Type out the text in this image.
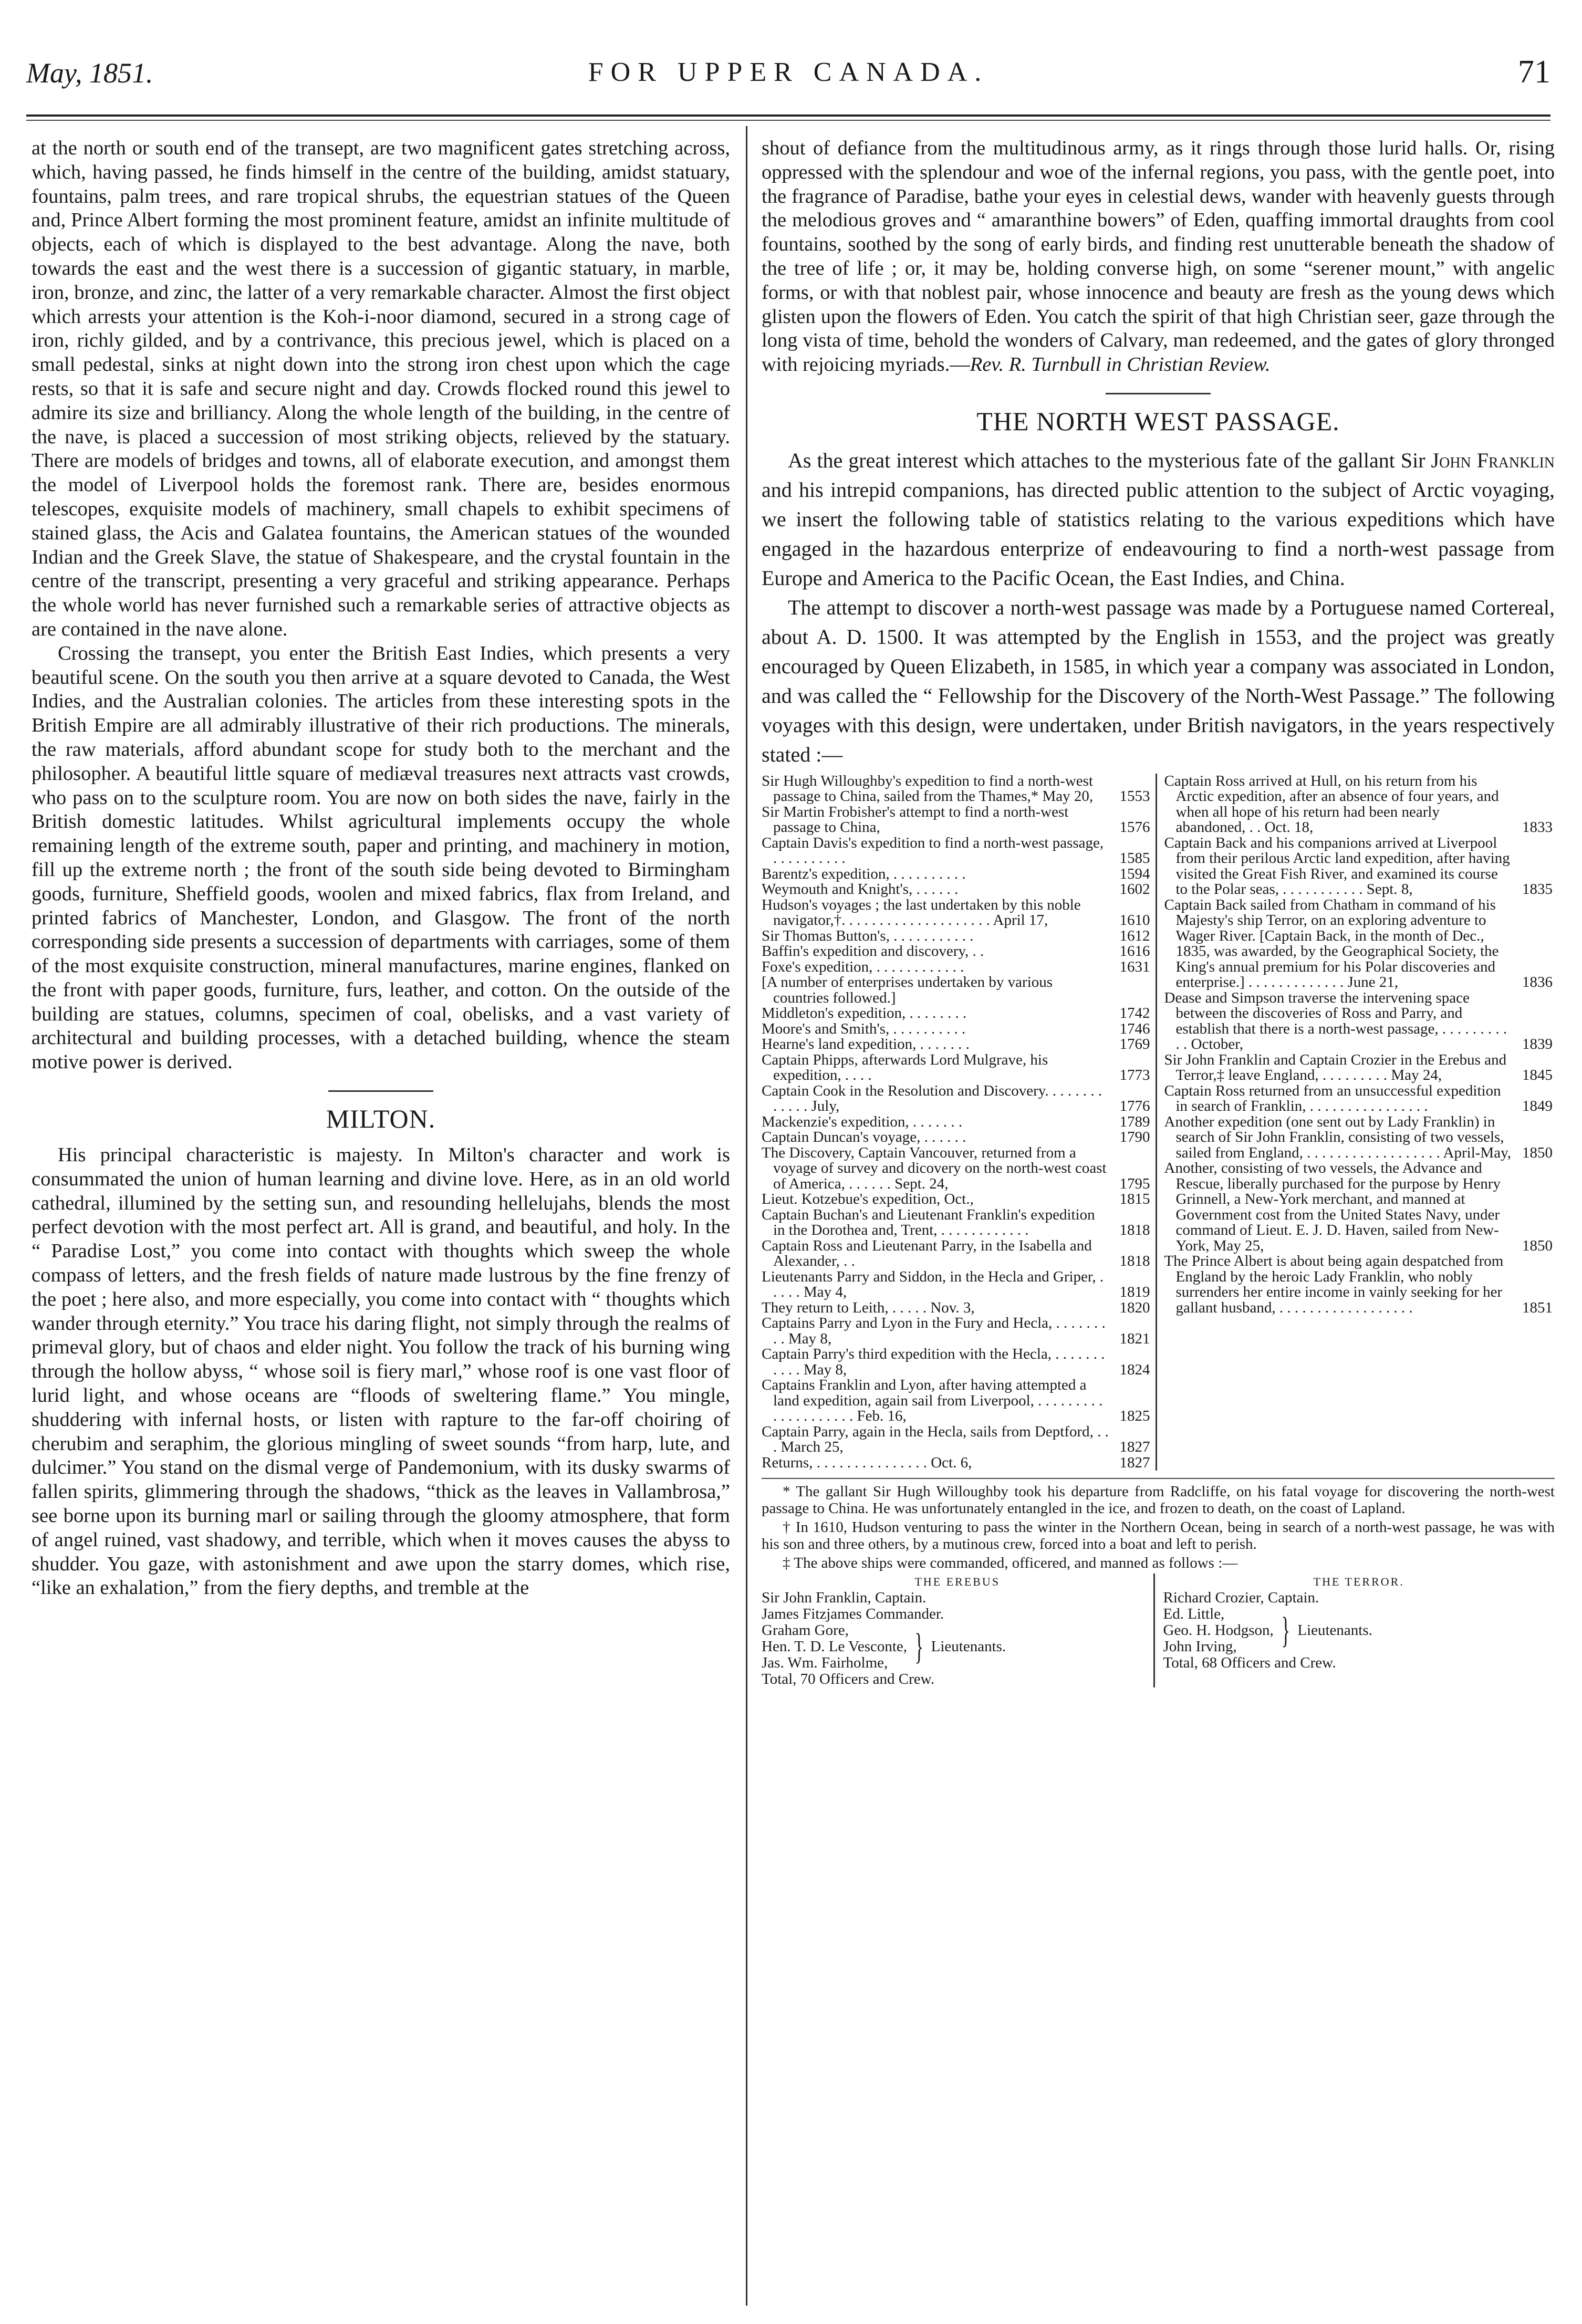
May, 1851.	FOR UPPER CANADA.	71

at the north or south end of the transept, are two magnificent gates stretching across, which, having passed, he finds himself in the centre of the building, amidst statuary, fountains, palm trees, and rare tropical shrubs, the equestrian statues of the Queen and, Prince Albert forming the most prominent feature, amidst an infinite multitude of objects, each of which is displayed to the best advantage. Along the nave, both towards the east and the west there is a succession of gigantic statuary, in marble, iron, bronze, and zinc, the latter of a very remarkable character. Almost the first object which arrests your attention is the Koh-i-noor diamond, secured in a strong cage of iron, richly gilded, and by a contrivance, this precious jewel, which is placed on a small pedestal, sinks at night down into the strong iron chest upon which the cage rests, so that it is safe and secure night and day. Crowds flocked round this jewel to admire its size and brilliancy. Along the whole length of the building, in the centre of the nave, is placed a succession of most striking objects, relieved by the statuary. There are models of bridges and towns, all of elaborate execution, and amongst them the model of Liverpool holds the foremost rank. There are, besides enormous telescopes, exquisite models of machinery, small chapels to exhibit specimens of stained glass, the Acis and Galatea fountains, the American statues of the wounded Indian and the Greek Slave, the statue of Shakespeare, and the crystal fountain in the centre of the transcript, presenting a very graceful and striking appearance. Perhaps the whole world has never furnished such a remarkable series of attractive objects as are contained in the nave alone.

Crossing the transept, you enter the British East Indies, which presents a very beautiful scene. On the south you then arrive at a square devoted to Canada, the West Indies, and the Australian colonies. The articles from these interesting spots in the British Empire are all admirably illustrative of their rich productions. The minerals, the raw materials, afford abundant scope for study both to the merchant and the philosopher. A beautiful little square of mediæval treasures next attracts vast crowds, who pass on to the sculpture room. You are now on both sides the nave, fairly in the British domestic latitudes. Whilst agricultural implements occupy the whole remaining length of the extreme south, paper and printing, and machinery in motion, fill up the extreme north ; the front of the south side being devoted to Birmingham goods, furniture, Sheffield goods, woolen and mixed fabrics, flax from Ireland, and printed fabrics of Manchester, London, and Glasgow. The front of the north corresponding side presents a succession of departments with carriages, some of them of the most exquisite construction, mineral manufactures, marine engines, flanked on the front with paper goods, furniture, furs, leather, and cotton. On the outside of the building are statues, columns, specimen of coal, obelisks, and a vast variety of architectural and building processes, with a detached building, whence the steam motive power is derived.

MILTON.

His principal characteristic is majesty. In Milton's character and work is consummated the union of human learning and divine love. Here, as in an old world cathedral, illumined by the setting sun, and resounding hellelujahs, blends the most perfect devotion with the most perfect art. All is grand, and beautiful, and holy. In the “ Paradise Lost,” you come into contact with thoughts which sweep the whole compass of letters, and the fresh fields of nature made lustrous by the fine frenzy of the poet ; here also, and more especially, you come into contact with “ thoughts which wander through eternity.” You trace his daring flight, not simply through the realms of primeval glory, but of chaos and elder night. You follow the track of his burning wing through the hollow abyss, “ whose soil is fiery marl,” whose roof is one vast floor of lurid light, and whose oceans are “floods of sweltering flame.” You mingle, shuddering with infernal hosts, or listen with rapture to the far-off choiring of cherubim and seraphim, the glorious mingling of sweet sounds “from harp, lute, and dulcimer.” You stand on the dismal verge of Pandemonium, with its dusky swarms of fallen spirits, glimmering through the shadows, “thick as the leaves in Vallambrosa,” see borne upon its burning marl or sailing through the gloomy atmosphere, that form of angel ruined, vast shadowy, and terrible, which when it moves causes the abyss to shudder. You gaze, with astonishment and awe upon the starry domes, which rise, “like an exhalation,” from the fiery depths, and tremble at the

shout of defiance from the multitudinous army, as it rings through those lurid halls. Or, rising oppressed with the splendour and woe of the infernal regions, you pass, with the gentle poet, into the fragrance of Paradise, bathe your eyes in celestial dews, wander with heavenly guests through the melodious groves and “ amaranthine bowers” of Eden, quaffing immortal draughts from cool fountains, soothed by the song of early birds, and finding rest unutterable beneath the shadow of the tree of life ; or, it may be, holding converse high, on some “serener mount,” with angelic forms, or with that noblest pair, whose innocence and beauty are fresh as the young dews which glisten upon the flowers of Eden. You catch the spirit of that high Christian seer, gaze through the long vista of time, behold the wonders of Calvary, man redeemed, and the gates of glory thronged with rejoicing myriads.—Rev. R. Turnbull in Christian Review.

THE NORTH WEST PASSAGE.

As the great interest which attaches to the mysterious fate of the gallant Sir John Franklin and his intrepid companions, has directed public attention to the subject of Arctic voyaging, we insert the following table of statistics relating to the various expeditions which have engaged in the hazardous enterprize of endeavouring to find a north-west passage from Europe and America to the Pacific Ocean, the East Indies, and China.

The attempt to discover a north-west passage was made by a Portuguese named Cortereal, about A. D. 1500. It was attempted by the English in 1553, and the project was greatly encouraged by Queen Elizabeth, in 1585, in which year a company was associated in London, and was called the “ Fellowship for the Discovery of the North-West Passage.” The following voyages with this design, were undertaken, under British navigators, in the years respectively stated :—

Sir Hugh Willoughby's expedition to find a north-west passage to China, sailed from the Thames,* May 20,	1553
Sir Martin Frobisher's attempt to find a north-west passage to China,	1576
Captain Davis's expedition to find a north-west passage, . . . . . . . . . .	1585
Barentz's expedition, . . . . . . . . . .	1594
Weymouth and Knight's, . . . . . .	1602
Hudson's voyages ; the last undertaken by this noble navigator,†. . . . . . . . . . . . . . . . . . . . April 17,	1610
Sir Thomas Button's, . . . . . . . . . . .	1612
Baffin's expedition and discovery, . .	1616
Foxe's expedition, . . . . . . . . . . . .	1631
[A number of enterprises undertaken by various countries followed.]
Middleton's expedition, . . . . . . . .	1742
Moore's and Smith's, . . . . . . . . . .	1746
Hearne's land expedition, . . . . . . .	1769
Captain Phipps, afterwards Lord Mulgrave, his expedition, . . . .	1773
Captain Cook in the Resolution and Discovery. . . . . . . . . . . . . July,	1776
Mackenzie's expedition, . . . . . . .	1789
Captain Duncan's voyage, . . . . . .	1790
The Discovery, Captain Vancouver, returned from a voyage of survey and dicovery on the north-west coast of America, . . . . . . Sept. 24,	1795
Lieut. Kotzebue's expedition, Oct.,	1815
Captain Buchan's and Lieutenant Franklin's expedition in the Dorothea and, Trent, . . . . . . . . . . . .	1818
Captain Ross and Lieutenant Parry, in the Isabella and Alexander, . .	1818
Lieutenants Parry and Siddon, in the Hecla and Griper, . . . . . May 4,	1819
They return to Leith, . . . . . Nov. 3,	1820
Captains Parry and Lyon in the Fury and Hecla, . . . . . . . . . May 8,	1821
Captain Parry's third expedition with the Hecla, . . . . . . . . . . . May 8,	1824
Captains Franklin and Lyon, after having attempted a land expedition, again sail from Liverpool, . . . . . . . . . . . . . . . . . . . . Feb. 16,	1825
Captain Parry, again in the Hecla, sails from Deptford, . . . March 25,	1827
Returns, . . . . . . . . . . . . . . . Oct. 6,	1827
Captain Ross arrived at Hull, on his return from his Arctic expedition, after an absence of four years, and when all hope of his return had been nearly abandoned, . . Oct. 18,	1833
Captain Back and his companions arrived at Liverpool from their perilous Arctic land expedition, after having visited the Great Fish River, and examined its course to the Polar seas, . . . . . . . . . . . Sept. 8,	1835
Captain Back sailed from Chatham in command of his Majesty's ship Terror, on an exploring adventure to Wager River. [Captain Back, in the month of Dec., 1835, was awarded, by the Geographical Society, the King's annual premium for his Polar discoveries and enterprise.] . . . . . . . . . . . . . June 21,	1836
Dease and Simpson traverse the intervening space between the discoveries of Ross and Parry, and establish that there is a north-west passage, . . . . . . . . . . . October,	1839
Sir John Franklin and Captain Crozier in the Erebus and Terror,‡ leave England, . . . . . . . . . May 24,	1845
Captain Ross returned from an unsuccessful expedition in search of Franklin, . . . . . . . . . . . . . . . .	1849
Another expedition (one sent out by Lady Franklin) in search of Sir John Franklin, consisting of two vessels, sailed from England, . . . . . . . . . . . . . . . . . . April-May, 1850
Another, consisting of two vessels, the Advance and Rescue, liberally purchased for the purpose by Henry Grinnell, a New-York merchant, and manned at Government cost from the United States Navy, under command of Lieut. E. J. D. Haven, sailed from New-York, May 25,	1850
The Prince Albert is about being again despatched from England by the heroic Lady Franklin, who nobly surrenders her entire income in vainly seeking for her gallant husband, . . . . . . . . . . . . . . . . . .	1851

* The gallant Sir Hugh Willoughby took his departure from Radcliffe, on his fatal voyage for discovering the north-west passage to China. He was unfortunately entangled in the ice, and frozen to death, on the coast of Lapland.

† In 1610, Hudson venturing to pass the winter in the Northern Ocean, being in search of a north-west passage, he was with his son and three others, by a mutinous crew, forced into a boat and left to perish.

‡ The above ships were commanded, officered, and manned as follows :—

THE EREBUS
Sir John Franklin, Captain.
James Fitzjames Commander.
Graham Gore,
Hen. T. D. Le Vesconte,
Jas. Wm. Fairholme, } Lieutenants.
Total, 70 Officers and Crew.
THE TERROR.
Richard Crozier, Captain.
Ed. Little,
Geo. H. Hodgson,
John Irving,	} Lieutenants.
Total, 68 Officers and Crew.
